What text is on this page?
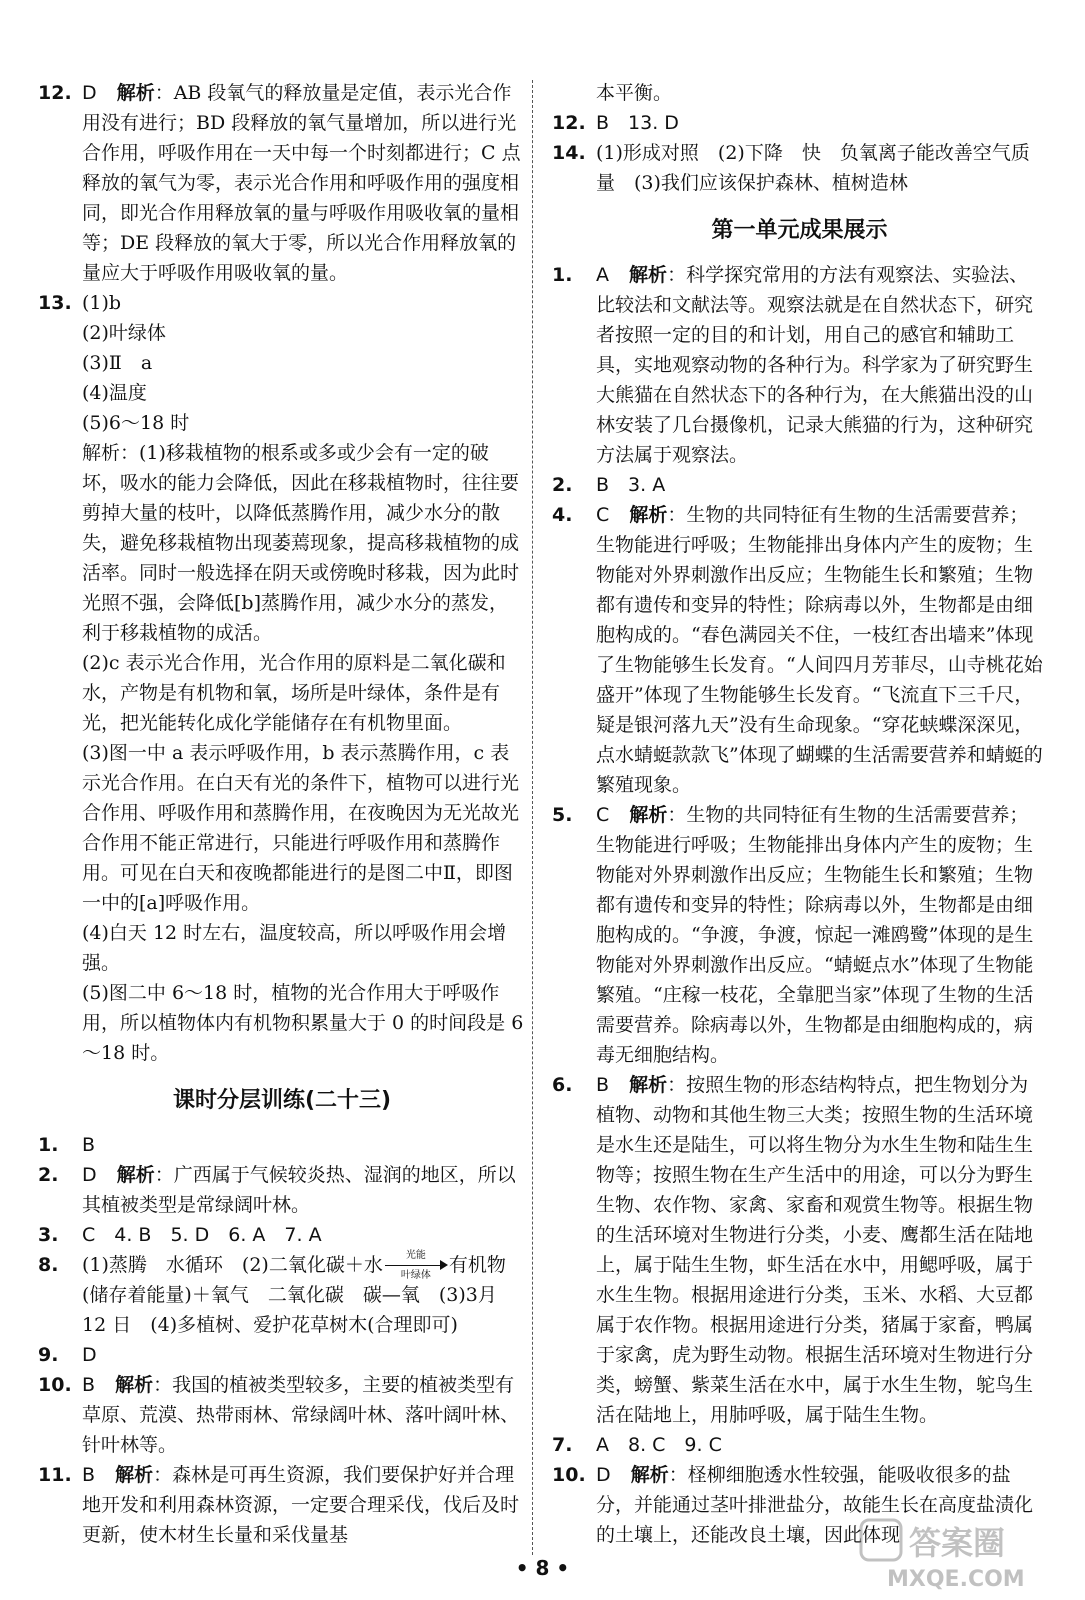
12. D 解析：AB 段氧气的释放量是定值，表示光合作用没有进行；BD 段释放的氧气量增加，所以进行光合作用，呼吸作用在一天中每一个时刻都进行；C 点释放的氧气为零，表示光合作用和呼吸作用的强度相同，即光合作用释放氧的量与呼吸作用吸收氧的量相等；DE 段释放的氧大于零，所以光合作用释放氧的量应大于呼吸作用吸收氧的量。

13. (1)b

(2)叶绿体

(3)Ⅱ　a

(4)温度

(5)6～18 时

解析：(1)移栽植物的根系或多或少会有一定的破坏，吸水的能力会降低，因此在移栽植物时，往往要剪掉大量的枝叶，以降低蒸腾作用，减少水分的散失，避免移栽植物出现萎蔫现象，提高移栽植物的成活率。同时一般选择在阴天或傍晚时移栽，因为此时光照不强，会降低[b]蒸腾作用，减少水分的蒸发，利于移栽植物的成活。

(2)c 表示光合作用，光合作用的原料是二氧化碳和水，产物是有机物和氧，场所是叶绿体，条件是有光，把光能转化成化学能储存在有机物里面。

(3)图一中 a 表示呼吸作用，b 表示蒸腾作用，c 表示光合作用。在白天有光的条件下，植物可以进行光合作用、呼吸作用和蒸腾作用，在夜晚因为无光故光合作用不能正常进行，只能进行呼吸作用和蒸腾作用。可见在白天和夜晚都能进行的是图二中Ⅱ，即图一中的[a]呼吸作用。

(4)白天 12 时左右，温度较高，所以呼吸作用会增强。

(5)图二中 6～18 时，植物的光合作用大于呼吸作用，所以植物体内有机物积累量大于 0 的时间段是 6～18 时。

课时分层训练(二十三)

1. B

2. D 解析：广西属于气候较炎热、湿润的地区，所以其植被类型是常绿阔叶林。

3. C　4. B　5. D　6. A　7. A

8. (1)蒸腾　水循环　(2)二氧化碳＋水	光能
叶绿体 有机物(储存着能量)＋氧气　二氧化碳　碳—氧　(3)3月 12 日　(4)多植树、爱护花草树木(合理即可)

9. D

10. B 解析：我国的植被类型较多，主要的植被类型有草原、荒漠、热带雨林、常绿阔叶林、落叶阔叶林、针叶林等。

11. B 解析：森林是可再生资源，我们要保护好并合理地开发和利用森林资源，一定要合理采伐，伐后及时更新，使木材生长量和采伐量基

本平衡。

12. B　13. D

14. (1)形成对照　(2)下降　快　负氧离子能改善空气质量　(3)我们应该保护森林、植树造林

第一单元成果展示

1. A 解析：科学探究常用的方法有观察法、实验法、比较法和文献法等。观察法就是在自然状态下，研究者按照一定的目的和计划，用自己的感官和辅助工具，实地观察动物的各种行为。科学家为了研究野生大熊猫在自然状态下的各种行为，在大熊猫出没的山林安装了几台摄像机，记录大熊猫的行为，这种研究方法属于观察法。

2. B　3. A

4. C 解析：生物的共同特征有生物的生活需要营养；生物能进行呼吸；生物能排出身体内产生的废物；生物能对外界刺激作出反应；生物能生长和繁殖；生物都有遗传和变异的特性；除病毒以外，生物都是由细胞构成的。“春色满园关不住，一枝红杏出墙来”体现了生物能够生长发育。“人间四月芳菲尽，山寺桃花始盛开”体现了生物能够生长发育。“飞流直下三千尺，疑是银河落九天”没有生命现象。“穿花蛱蝶深深见，点水蜻蜓款款飞”体现了蝴蝶的生活需要营养和蜻蜓的繁殖现象。

5. C 解析：生物的共同特征有生物的生活需要营养；生物能进行呼吸；生物能排出身体内产生的废物；生物能对外界刺激作出反应；生物能生长和繁殖；生物都有遗传和变异的特性；除病毒以外，生物都是由细胞构成的。“争渡，争渡，惊起一滩鸥鹭”体现的是生物能对外界刺激作出反应。“蜻蜓点水”体现了生物能繁殖。“庄稼一枝花，全靠肥当家”体现了生物的生活需要营养。除病毒以外，生物都是由细胞构成的，病毒无细胞结构。

6. B 解析：按照生物的形态结构特点，把生物划分为植物、动物和其他生物三大类；按照生物的生活环境是水生还是陆生，可以将生物分为水生生物和陆生生物等；按照生物在生产生活中的用途，可以分为野生生物、农作物、家禽、家畜和观赏生物等。根据生物的生活环境对生物进行分类，小麦、鹰都生活在陆地上，属于陆生生物，虾生活在水中，用鳃呼吸，属于水生生物。根据用途进行分类，玉米、水稻、大豆都属于农作物。根据用途进行分类，猪属于家畜，鸭属于家禽，虎为野生动物。根据生活环境对生物进行分类，螃蟹、紫菜生活在水中，属于水生生物，鸵鸟生活在陆地上，用肺呼吸，属于陆生生物。

7. A　8. C　9. C

10. D 解析：柽柳细胞透水性较强，能吸收很多的盐分，并能通过茎叶排泄盐分，故能生长在高度盐渍化的土壤上，还能改良土壤，因此体现

• 8 •
答案圈
MXQE.COM
